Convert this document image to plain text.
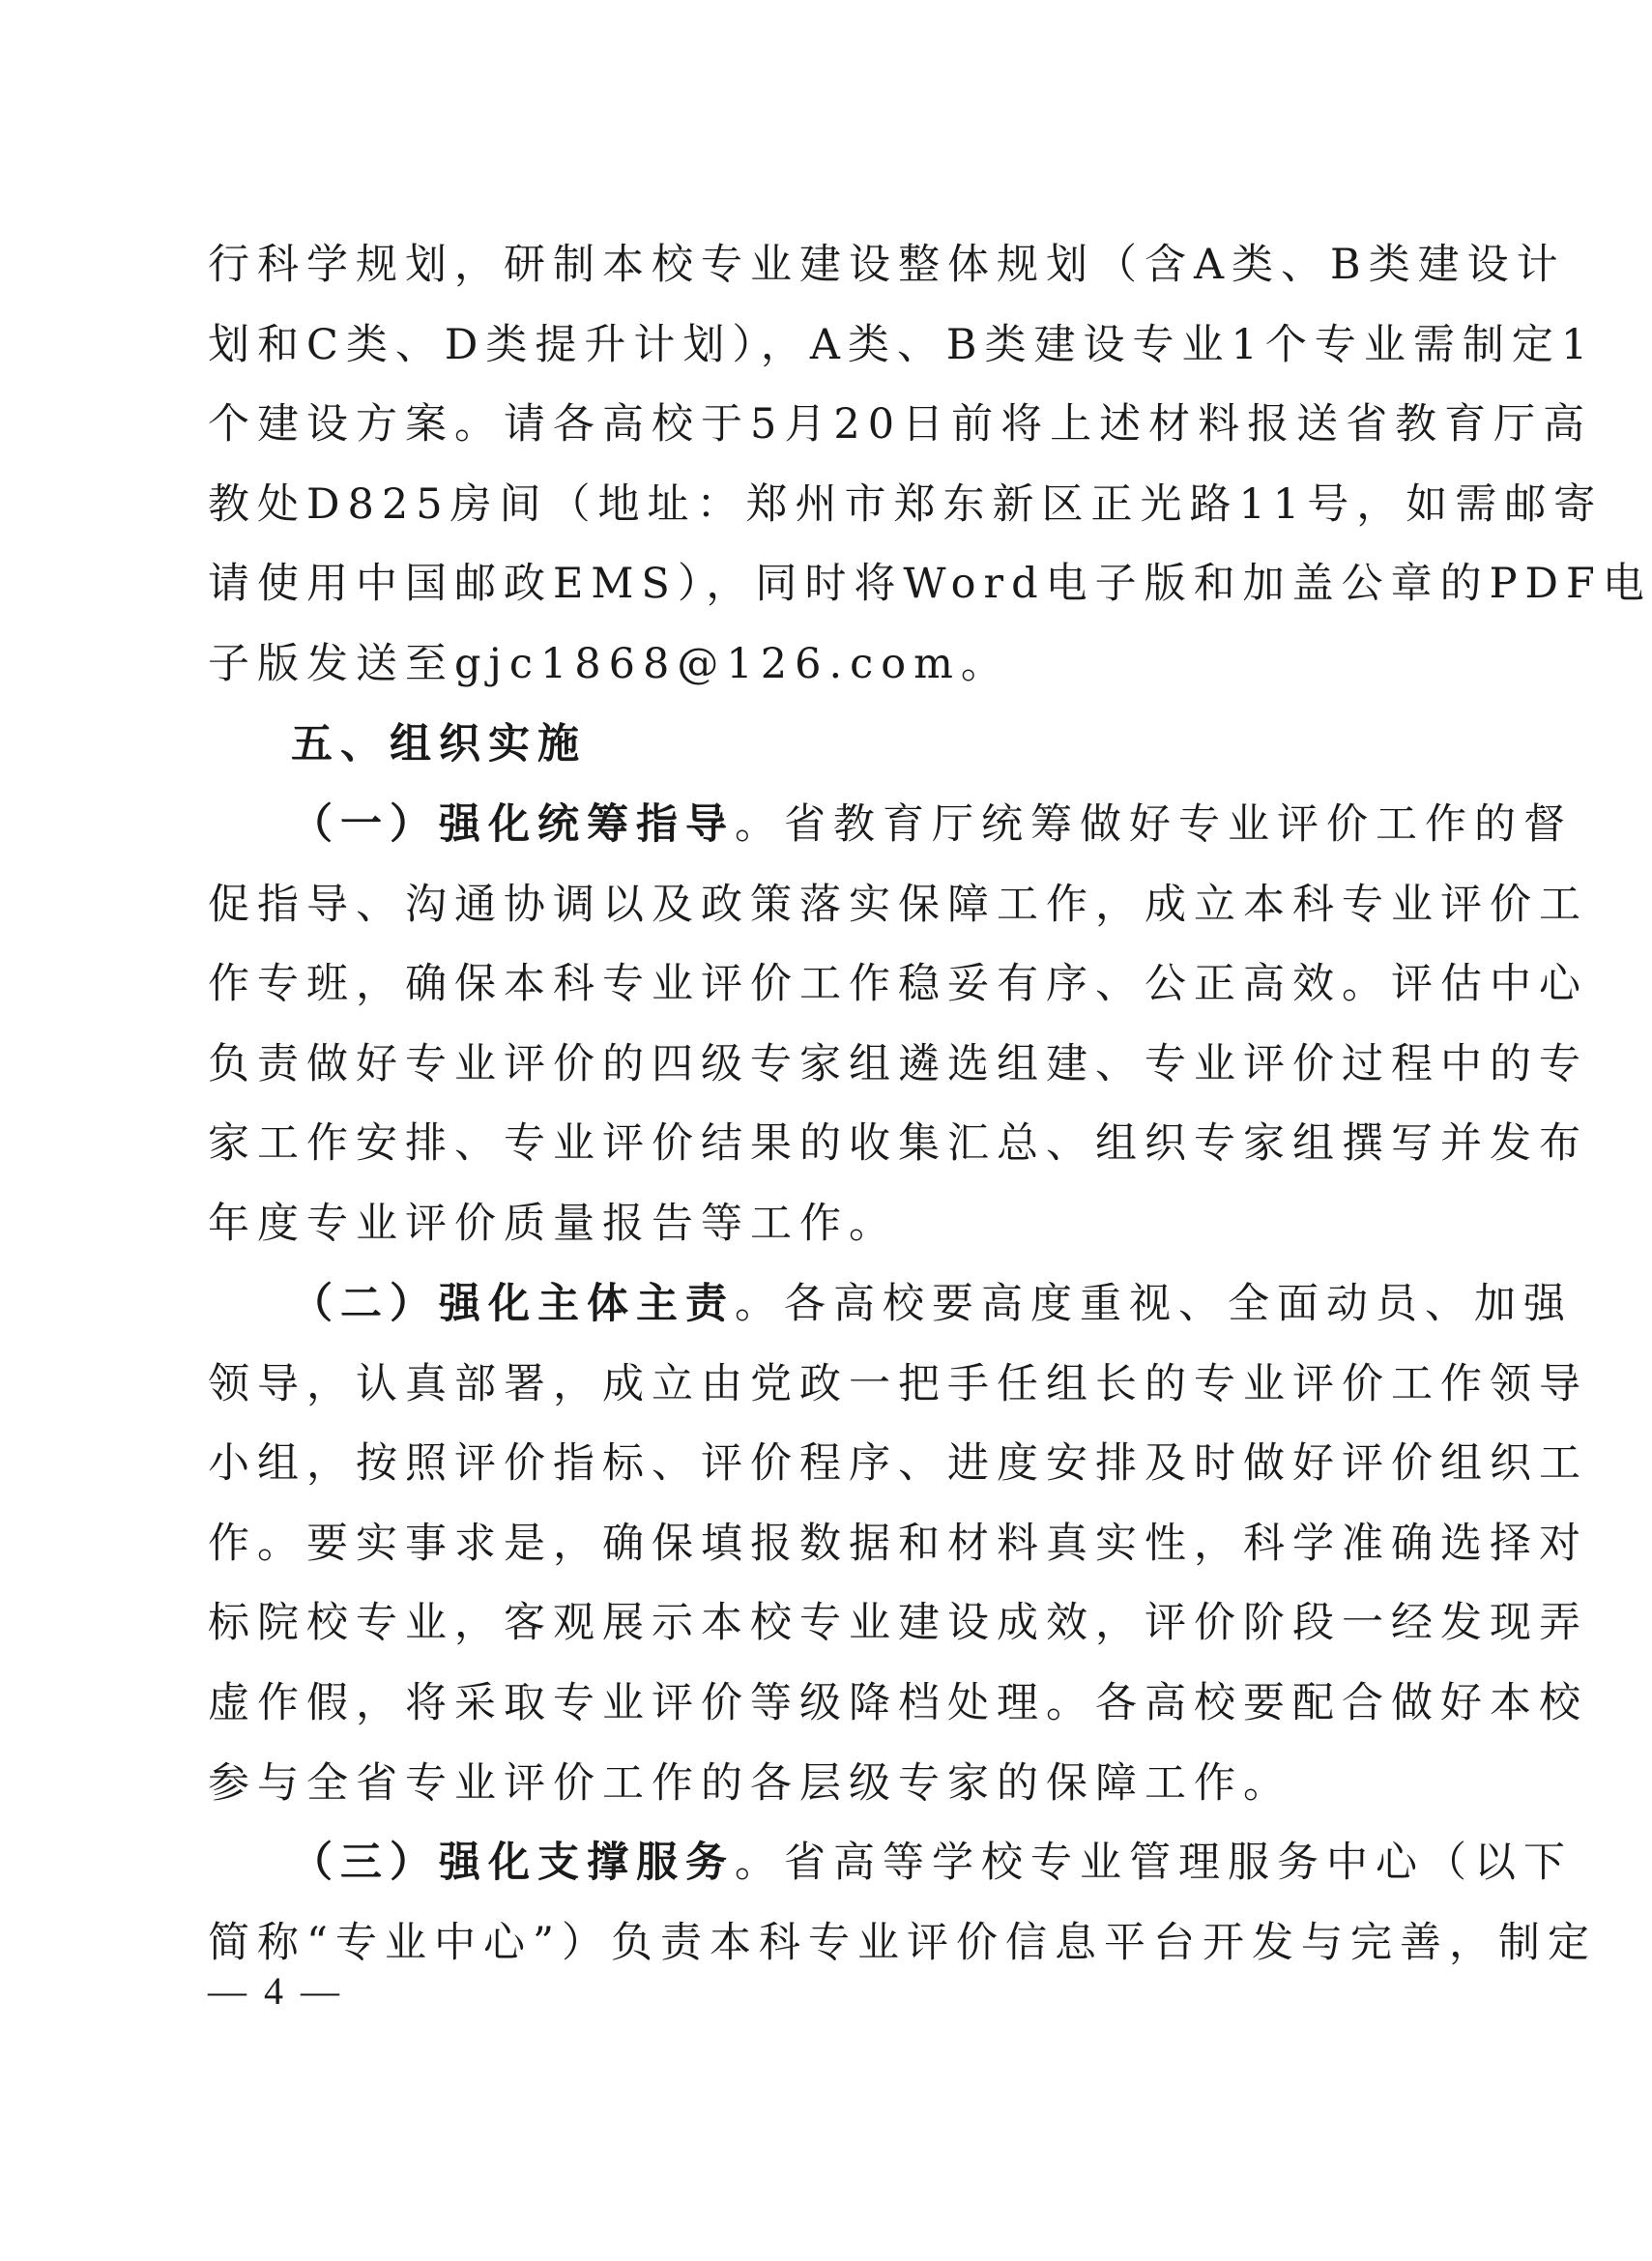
行科学规划，研制本校专业建设整体规划（含A类、B类建设计
划和C类、D类提升计划），A类、B类建设专业1个专业需制定1
个建设方案。请各高校于5月20日前将上述材料报送省教育厅高
教处D825房间（地址：郑州市郑东新区正光路11号，如需邮寄
请使用中国邮政EMS），同时将Word电子版和加盖公章的PDF电
子版发送至gjc1868@126.com。
五、组织实施
（一）强化统筹指导。省教育厅统筹做好专业评价工作的督
促指导、沟通协调以及政策落实保障工作，成立本科专业评价工
作专班，确保本科专业评价工作稳妥有序、公正高效。评估中心
负责做好专业评价的四级专家组遴选组建、专业评价过程中的专
家工作安排、专业评价结果的收集汇总、组织专家组撰写并发布
年度专业评价质量报告等工作。
（二）强化主体主责。各高校要高度重视、全面动员、加强
领导，认真部署，成立由党政一把手任组长的专业评价工作领导
小组，按照评价指标、评价程序、进度安排及时做好评价组织工
作。要实事求是，确保填报数据和材料真实性，科学准确选择对
标院校专业，客观展示本校专业建设成效，评价阶段一经发现弄
虚作假，将采取专业评价等级降档处理。各高校要配合做好本校
参与全省专业评价工作的各层级专家的保障工作。
（三）强化支撑服务。省高等学校专业管理服务中心（以下
简称“专业中心”）负责本科专业评价信息平台开发与完善，制定
— 4 —
